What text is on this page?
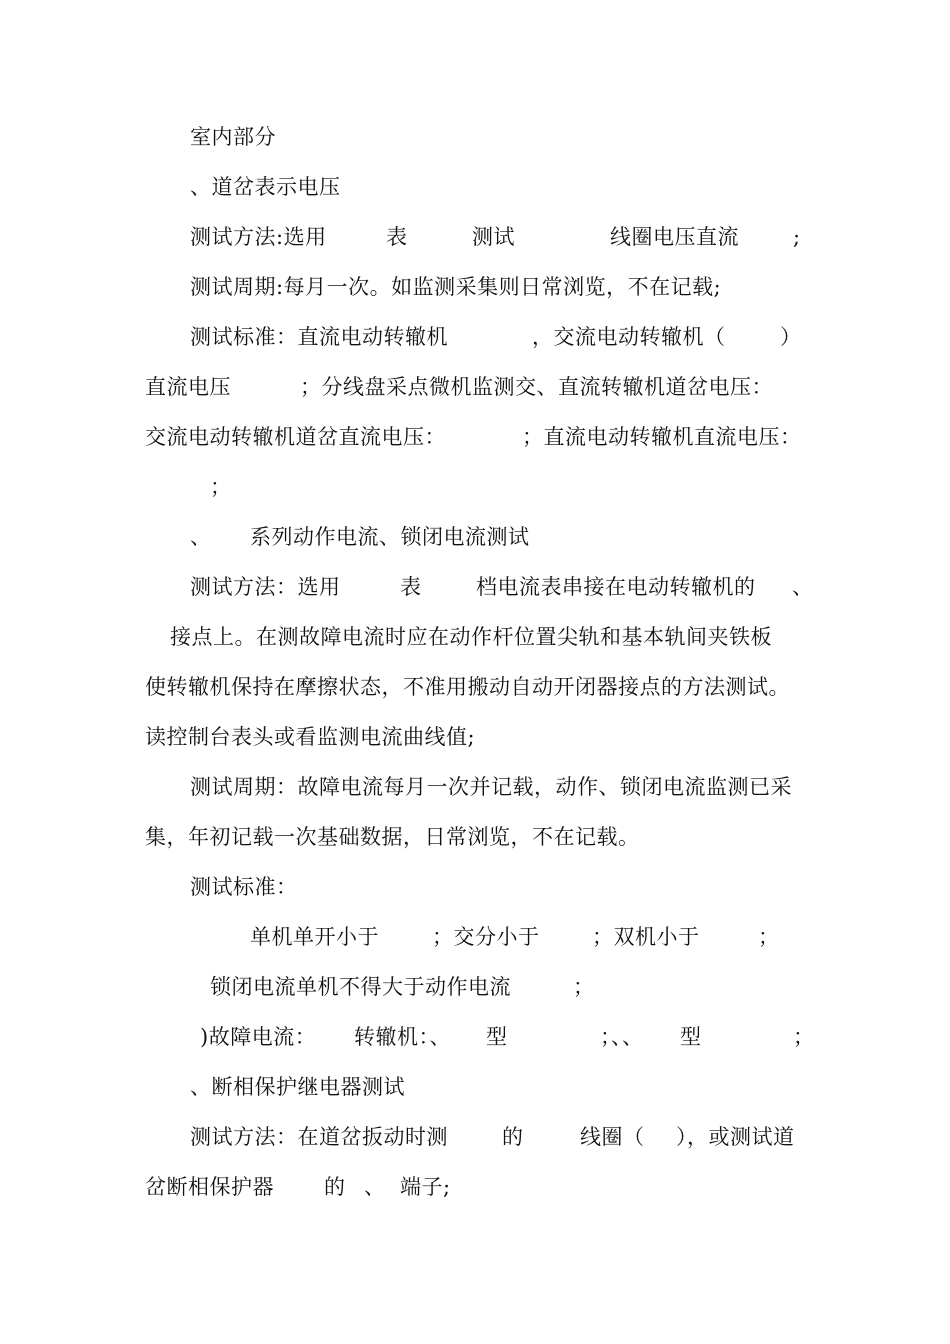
室内部分
、道岔表示电压
测试方法:选用	表	测试	线圈电压直流	;
测试周期:每月一次。如监测采集则日常浏览，不在记载;
测试标准：直流电动转辙机	，交流电动转辙机（	）
直流电压	；分线盘采点微机监测交、直流转辙机道岔电压：
交流电动转辙机道岔直流电压：	；直流电动转辙机直流电压：
；
、 系列动作电流、锁闭电流测试
测试方法：选用	表	档电流表串接在电动转辙机的 、
接点上。在测故障电流时应在动作杆位置尖轨和基本轨间夹铁板
使转辙机保持在摩擦状态，不准用搬动自动开闭器接点的方法测试。
读控制台表头或看监测电流曲线值;
测试周期：故障电流每月一次并记载，动作、锁闭电流监测已采
集，年初记载一次基础数据，日常浏览，不在记载。
测试标准：
单机单开小于	；交分小于	；双机小于	；
锁闭电流单机不得大于动作电流	；
)故障电流： 转辙机：、 型	；、、 型	；
、断相保护继电器测试
测试方法：在道岔扳动时测	的	线圈（ ），或测试道
岔断相保护器 的 、 端子;
